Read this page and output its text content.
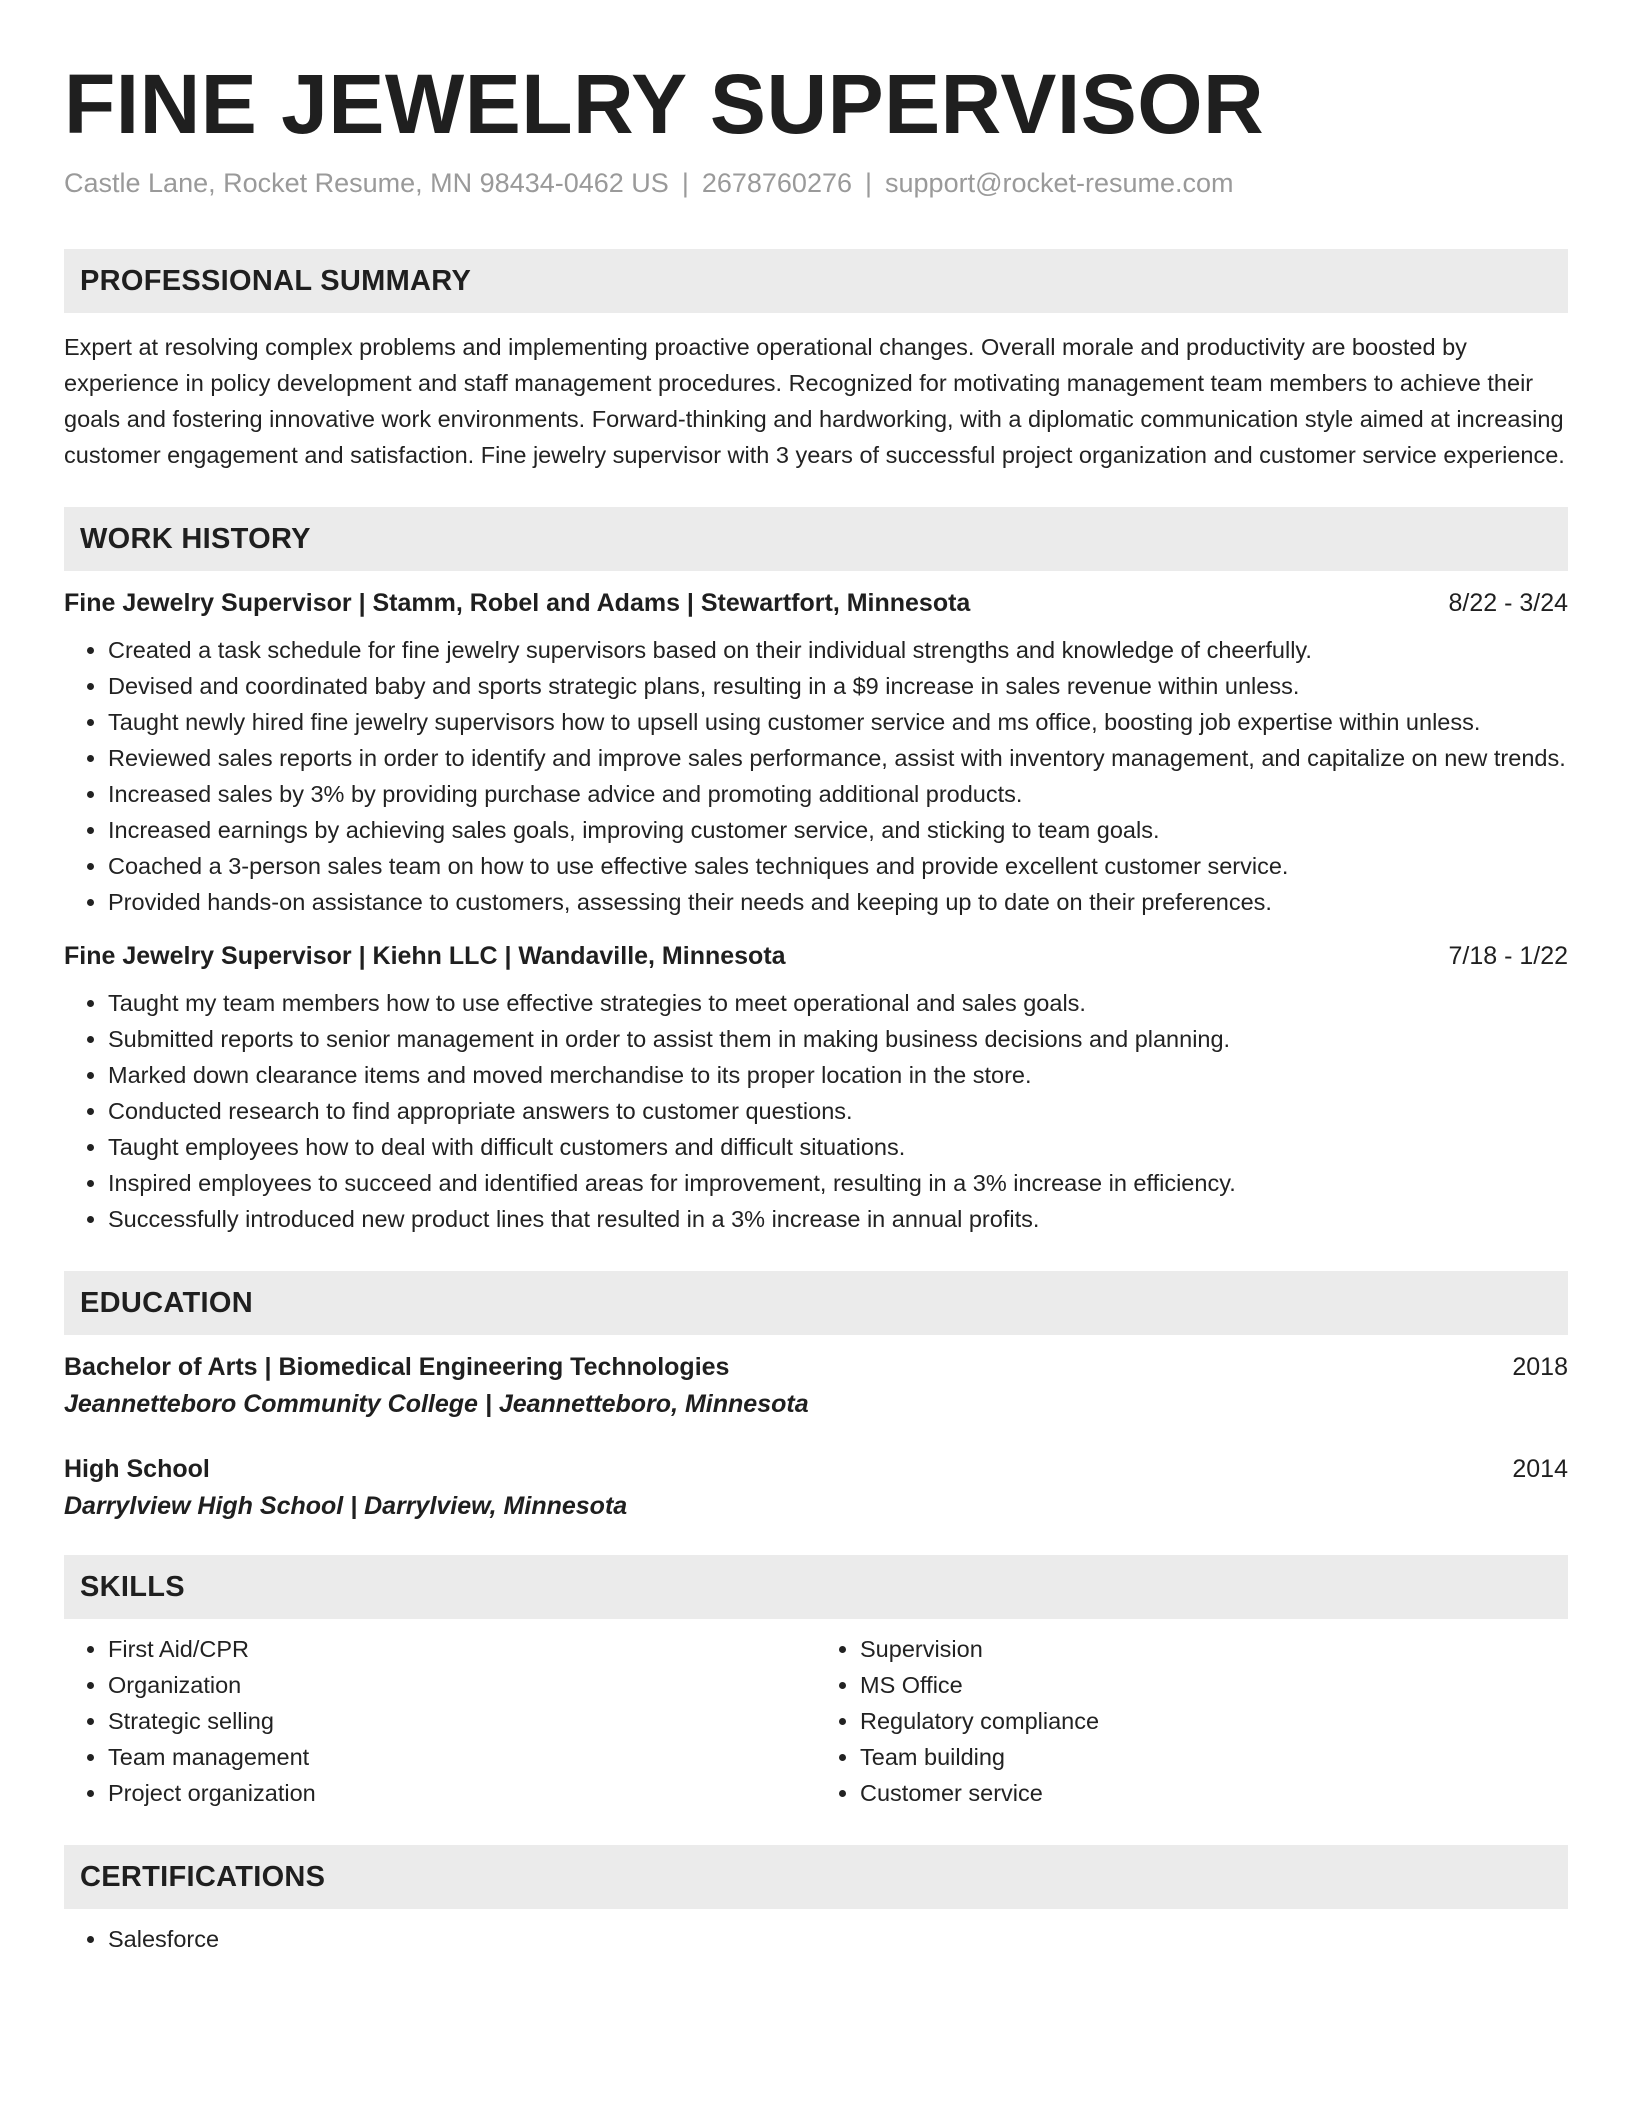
FINE JEWELRY SUPERVISOR
Castle Lane, Rocket Resume, MN 98434-0462 US | 2678760276 | support@rocket-resume.com
PROFESSIONAL SUMMARY
Expert at resolving complex problems and implementing proactive operational changes. Overall morale and productivity are boosted by experience in policy development and staff management procedures. Recognized for motivating management team members to achieve their goals and fostering innovative work environments. Forward-thinking and hardworking, with a diplomatic communication style aimed at increasing customer engagement and satisfaction. Fine jewelry supervisor with 3 years of successful project organization and customer service experience.
WORK HISTORY
Fine Jewelry Supervisor | Stamm, Robel and Adams | Stewartfort, Minnesota	8/22 - 3/24
• Created a task schedule for fine jewelry supervisors based on their individual strengths and knowledge of cheerfully.
• Devised and coordinated baby and sports strategic plans, resulting in a $9 increase in sales revenue within unless.
• Taught newly hired fine jewelry supervisors how to upsell using customer service and ms office, boosting job expertise within unless.
• Reviewed sales reports in order to identify and improve sales performance, assist with inventory management, and capitalize on new trends.
• Increased sales by 3% by providing purchase advice and promoting additional products.
• Increased earnings by achieving sales goals, improving customer service, and sticking to team goals.
• Coached a 3-person sales team on how to use effective sales techniques and provide excellent customer service.
• Provided hands-on assistance to customers, assessing their needs and keeping up to date on their preferences.
Fine Jewelry Supervisor | Kiehn LLC | Wandaville, Minnesota	7/18 - 1/22
• Taught my team members how to use effective strategies to meet operational and sales goals.
• Submitted reports to senior management in order to assist them in making business decisions and planning.
• Marked down clearance items and moved merchandise to its proper location in the store.
• Conducted research to find appropriate answers to customer questions.
• Taught employees how to deal with difficult customers and difficult situations.
• Inspired employees to succeed and identified areas for improvement, resulting in a 3% increase in efficiency.
• Successfully introduced new product lines that resulted in a 3% increase in annual profits.
EDUCATION
Bachelor of Arts | Biomedical Engineering Technologies	2018
Jeannetteboro Community College | Jeannetteboro, Minnesota
High School	2014
Darrylview High School | Darrylview, Minnesota
SKILLS
• First Aid/CPR
• Organization
• Strategic selling
• Team management
• Project organization
• Supervision
• MS Office
• Regulatory compliance
• Team building
• Customer service
CERTIFICATIONS
• Salesforce
